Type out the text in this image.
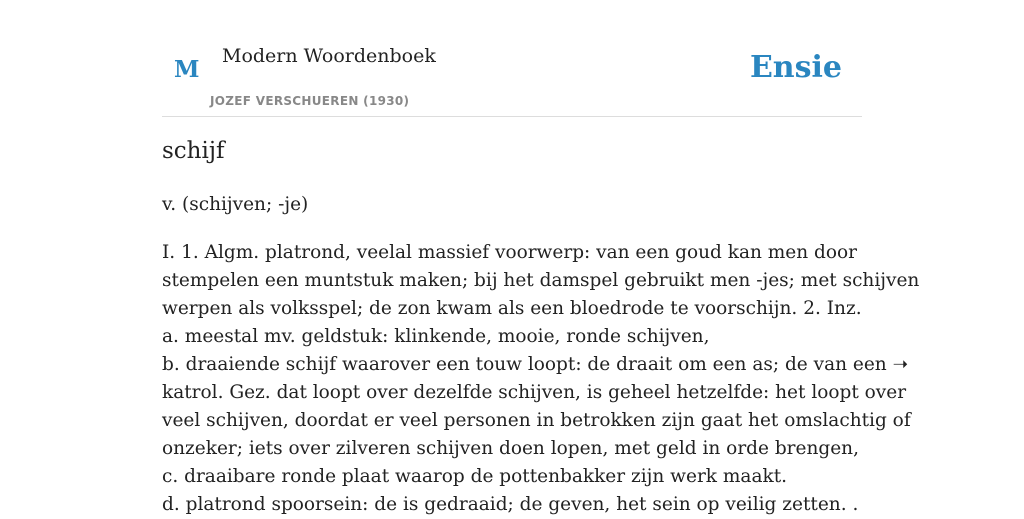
M Modern Woordenboek
JOZEF VERSCHUEREN (1930)
Ensie
schijf
v. (schijven; -je)
I. 1. Algm. platrond, veelal massief voorwerp: van een goud kan men door
stempelen een muntstuk maken; bij het damspel gebruikt men -jes; met schijven
werpen als volksspel; de zon kwam als een bloedrode te voorschijn. 2. Inz.
a. meestal mv. geldstuk: klinkende, mooie, ronde schijven,
b. draaiende schijf waarover een touw loopt: de draait om een as; de van een ➝
katrol. Gez. dat loopt over dezelfde schijven, is geheel hetzelfde: het loopt over
veel schijven, doordat er veel personen in betrokken zijn gaat het omslachtig of
onzeker; iets over zilveren schijven doen lopen, met geld in orde brengen,
c. draaibare ronde plaat waarop de pottenbakker zijn werk maakt.
d. platrond spoorsein: de is gedraaid; de geven, het sein op veilig zetten. .
